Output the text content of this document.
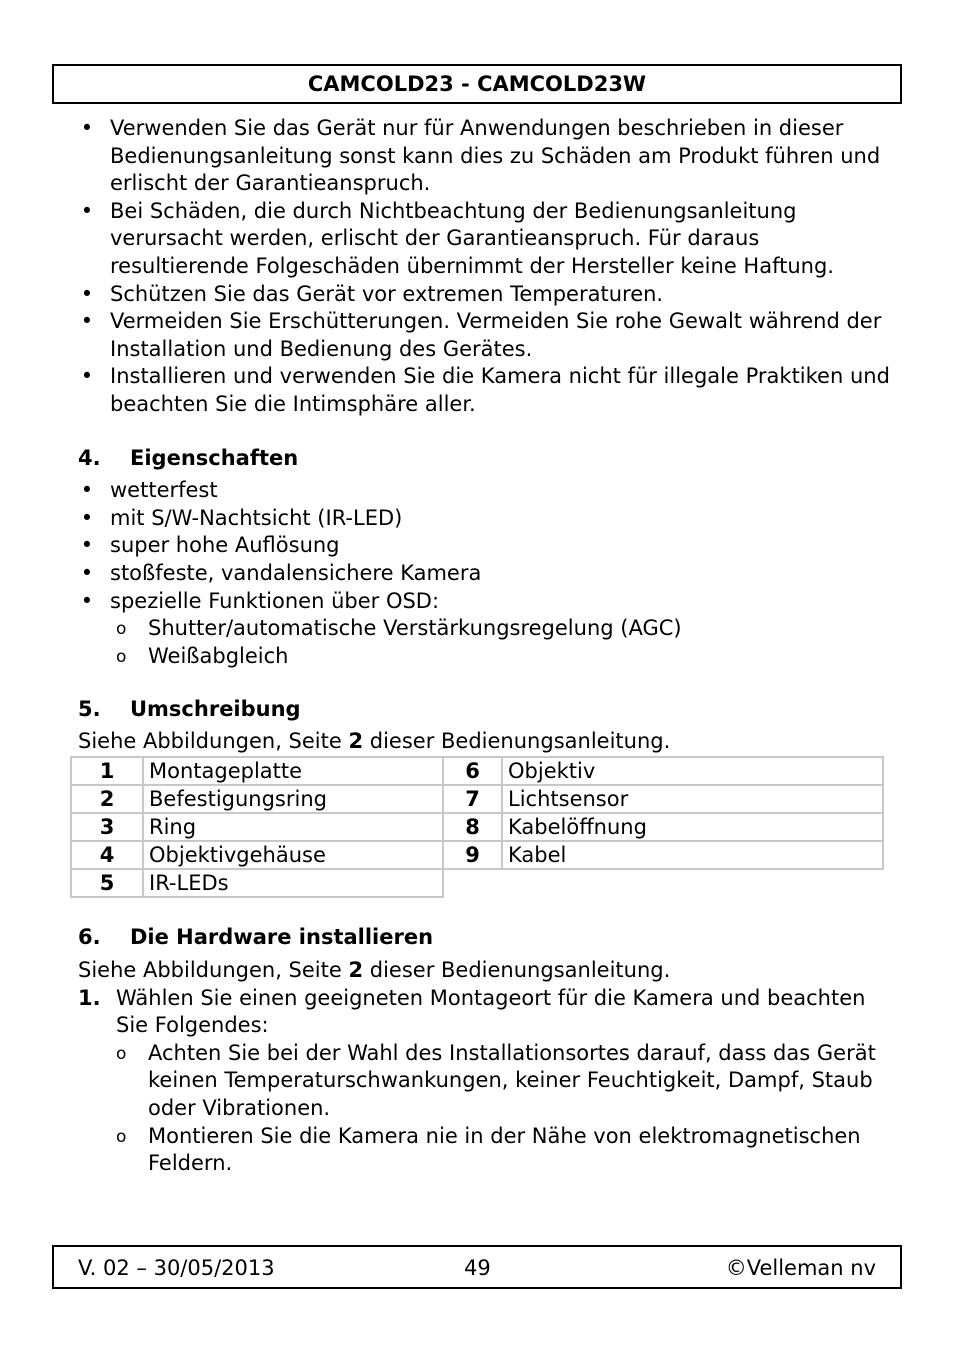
CAMCOLD23 - CAMCOLD23W
• Verwenden Sie das Gerät nur für Anwendungen beschrieben in dieser Bedienungsanleitung sonst kann dies zu Schäden am Produkt führen und erlischt der Garantieanspruch.
• Bei Schäden, die durch Nichtbeachtung der Bedienungsanleitung verursacht werden, erlischt der Garantieanspruch. Für daraus resultierende Folgeschäden übernimmt der Hersteller keine Haftung.
• Schützen Sie das Gerät vor extremen Temperaturen.
• Vermeiden Sie Erschütterungen. Vermeiden Sie rohe Gewalt während der Installation und Bedienung des Gerätes.
• Installieren und verwenden Sie die Kamera nicht für illegale Praktiken und beachten Sie die Intimsphäre aller.
4.	Eigenschaften
• wetterfest
• mit S/W-Nachtsicht (IR-LED)
• super hohe Auflösung
• stoßfeste, vandalensichere Kamera
• spezielle Funktionen über OSD:
o Shutter/automatische Verstärkungsregelung (AGC)
o Weißabgleich
5.	Umschreibung
Siehe Abbildungen, Seite 2 dieser Bedienungsanleitung.
1	Montageplatte	6	Objektiv
2	Befestigungsring	7	Lichtsensor
3	Ring	8	Kabelöffnung
4	Objektivgehäuse	9	Kabel
5	IR-LEDs		
6.	Die Hardware installieren
Siehe Abbildungen, Seite 2 dieser Bedienungsanleitung.
1. Wählen Sie einen geeigneten Montageort für die Kamera und beachten Sie Folgendes:
o Achten Sie bei der Wahl des Installationsortes darauf, dass das Gerät keinen Temperaturschwankungen, keiner Feuchtigkeit, Dampf, Staub oder Vibrationen.
o Montieren Sie die Kamera nie in der Nähe von elektromagnetischen Feldern.
V. 02 – 30/05/2013	49	©Velleman nv
